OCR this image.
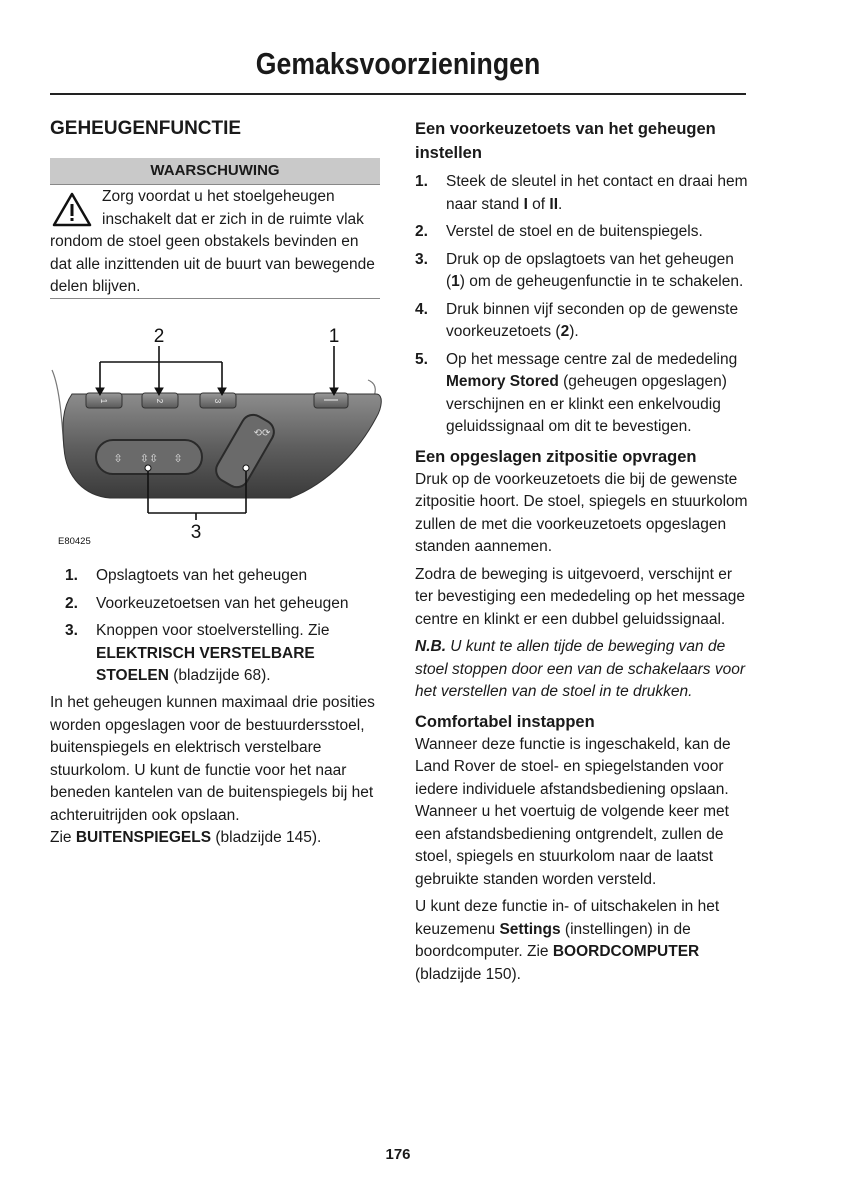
Gemaksvoorzieningen
GEHEUGENFUNCTIE
WAARSCHUWING
Zorg voordat u het stoelgeheugen inschakelt dat er zich in de ruimte vlak rondom de stoel geen obstakels bevinden en dat alle inzittenden uit de buurt van bewegende delen blijven.
1	2	3
⇳ ⇳⇳ ⇳
⟲⟳
2	1
3
E80425
1. Opslagtoets van het geheugen
2. Voorkeuzetoetsen van het geheugen
3. Knoppen voor stoelverstelling. Zie ELEKTRISCH VERSTELBARE STOELEN (bladzijde 68).

In het geheugen kunnen maximaal drie posities worden opgeslagen voor de bestuurdersstoel, buitenspiegels en elektrisch verstelbare stuurkolom. U kunt de functie voor het naar beneden kantelen van de buitenspiegels bij het achteruitrijden ook opslaan.

Zie BUITENSPIEGELS (bladzijde 145).

Een voorkeuzetoets van het geheugen instellen
1. Steek de sleutel in het contact en draai hem naar stand I of II.
2. Verstel de stoel en de buitenspiegels.
3. Druk op de opslagtoets van het geheugen (1) om de geheugenfunctie in te schakelen.
4. Druk binnen vijf seconden op de gewenste voorkeuzetoets (2).
5. Op het message centre zal de mededeling Memory Stored (geheugen opgeslagen) verschijnen en er klinkt een enkelvoudig geluidssignaal om dit te bevestigen.
Een opgeslagen zitpositie opvragen

Druk op de voorkeuzetoets die bij de gewenste zitpositie hoort. De stoel, spiegels en stuurkolom zullen de met die voorkeuzetoets opgeslagen standen aannemen.

Zodra de beweging is uitgevoerd, verschijnt er ter bevestiging een mededeling op het message centre en klinkt er een dubbel geluidssignaal.

N.B. U kunt te allen tijde de beweging van de stoel stoppen door een van de schakelaars voor het verstellen van de stoel in te drukken.

Comfortabel instappen

Wanneer deze functie is ingeschakeld, kan de Land Rover de stoel- en spiegelstanden voor iedere individuele afstandsbediening opslaan. Wanneer u het voertuig de volgende keer met een afstandsbediening ontgrendelt, zullen de stoel, spiegels en stuurkolom naar de laatst gebruikte standen worden versteld.

U kunt deze functie in- of uitschakelen in het keuzemenu Settings (instellingen) in de boordcomputer. Zie BOORDCOMPUTER (bladzijde 150).

176
